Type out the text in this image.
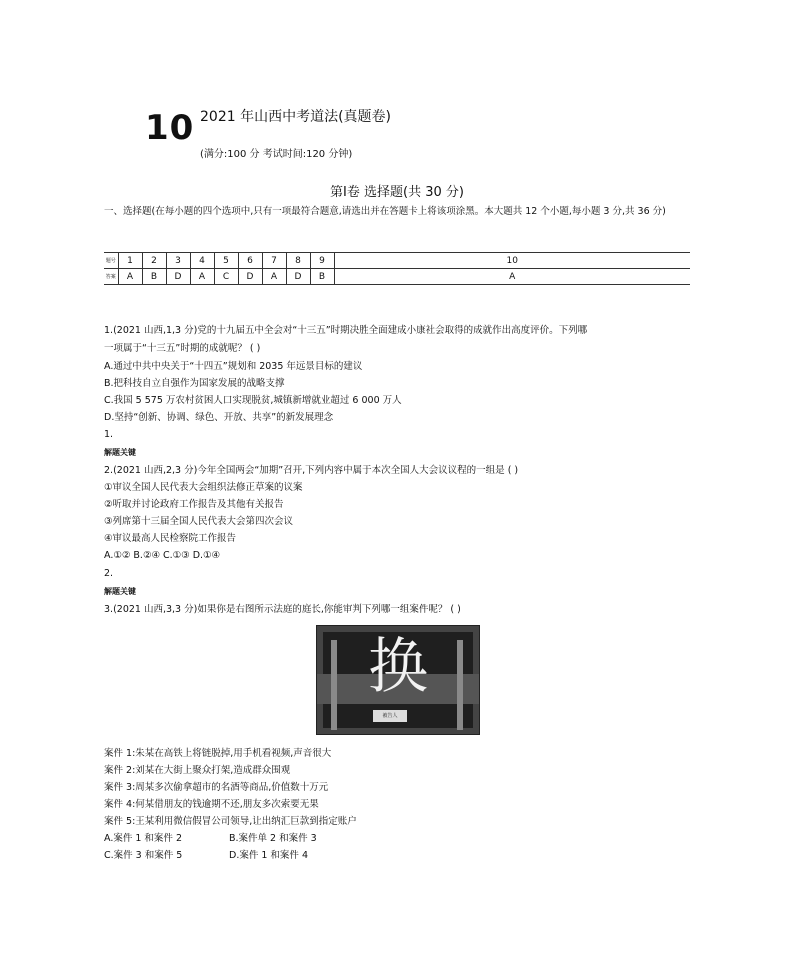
10 2021 年山西中考道法(真题卷)
(满分:100 分 考试时间:120 分钟)
第Ⅰ卷 选择题(共 30 分)
一、选择题(在每小题的四个选项中,只有一项最符合题意,请选出并在答题卡上将该项涂黑。本大题共 12 个小题,每小题 3 分,共 36 分)
题号	1	2	3	4	5	6	7	8	9	10
答案	A	B	D	A	C	D	A	D	B	A
1.(2021 山西,1,3 分)党的十九届五中全会对“十三五”时期决胜全面建成小康社会取得的成就作出高度评价。下列哪
一项属于“十三五”时期的成就呢？ ( )
A.通过中共中央关于“十四五”规划和 2035 年远景目标的建议
B.把科技自立自强作为国家发展的战略支撑
C.我国 5 575 万农村贫困人口实现脱贫,城镇新增就业超过 6 000 万人
D.坚持“创新、协调、绿色、开放、共享”的新发展理念
1.
解题关键
2.(2021 山西,2,3 分)今年全国两会“加期”召开,下列内容中属于本次全国人大会议议程的一组是 ( )
①审议全国人民代表大会组织法修正草案的议案
②听取并讨论政府工作报告及其他有关报告
③列席第十三届全国人民代表大会第四次会议
④审议最高人民检察院工作报告
A.①② B.②④ C.①③ D.①④
2.
解题关键
3.(2021 山西,3,3 分)如果你是右图所示法庭的庭长,你能审判下列哪一组案件呢？ ( )
换
被告人
案件 1:朱某在高铁上将链脱掉,用手机看视频,声音很大
案件 2:刘某在大街上聚众打架,造成群众围观
案件 3:周某多次偷拿超市的名酒等商品,价值数十万元
案件 4:何某借朋友的钱逾期不还,朋友多次索要无果
案件 5:王某利用微信假冒公司领导,让出纳汇巨款到指定账户
A.案件 1 和案件 2	B.案件单 2 和案件 3
C.案件 3 和案件 5	D.案件 1 和案件 4
